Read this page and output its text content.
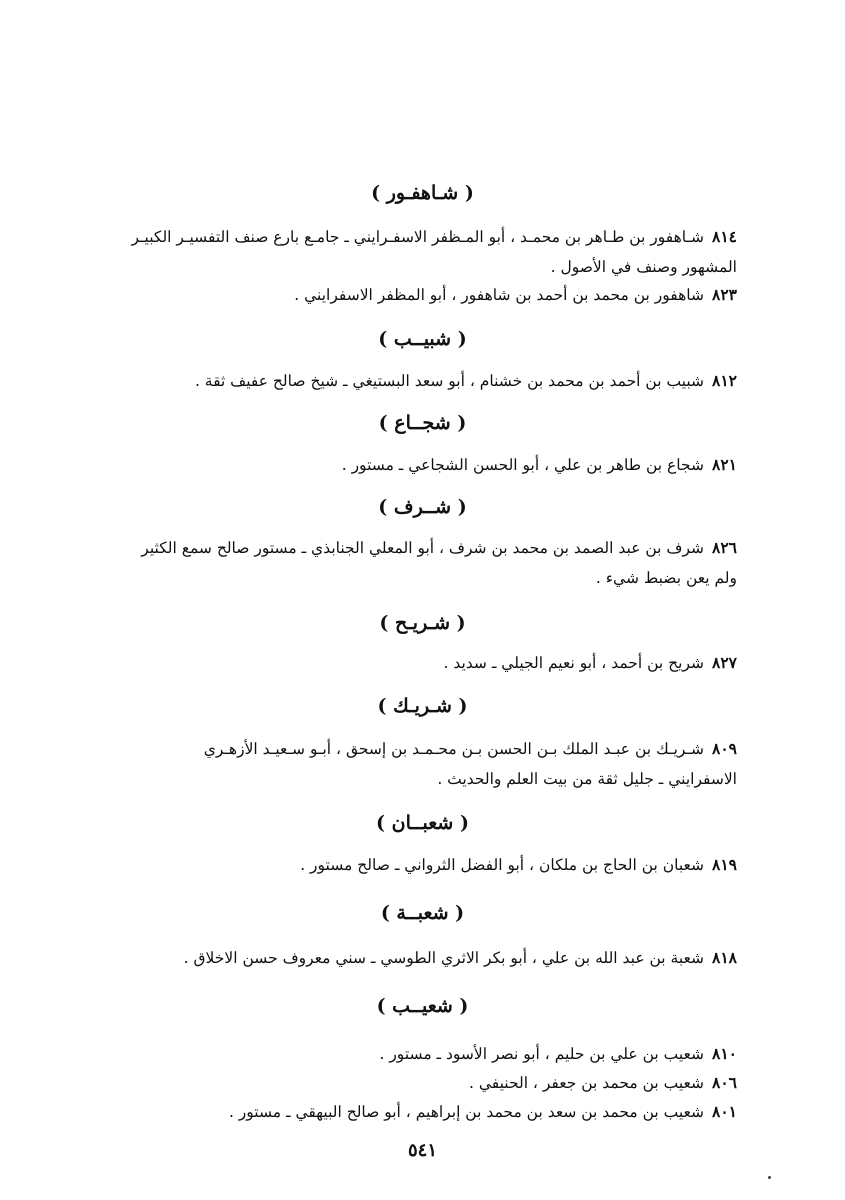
( شـاهفـور )
٨١٤شـاهفور بن طـاهر بن محمـد ، أبو المـظفر الاسفـرايني ـ جامـع بارع صنف التفسيـر الكبيـر
المشهور وصنف في الأصول .
٨٢٣شاهفور بن محمد بن أحمد بن شاهفور ، أبو المظفر الاسفرايني .
( شبيــب )
٨١٢شبيب بن أحمد بن محمد بن خشنام ، أبو سعد البستيغي ـ شيخ صالح عفيف ثقة .
( شجــاع )
٨٢١شجاع بن طاهر بن علي ، أبو الحسن الشجاعي ـ مستور .
( شــرف )
٨٢٦شرف بن عبد الصمد بن محمد بن شرف ، أبو المعلي الجنابذي ـ مستور صالح سمع الكثير
ولم يعن بضبط شيء .
( شـريـح )
٨٢٧شريح بن أحمد ، أبو نعيم الجيلي ـ سديد .
( شـريـك )
٨٠٩شـريـك بن عبـد الملك بـن الحسن بـن محـمـد بن إسحق ، أبـو سـعيـد الأزهـري
الاسفرايني ـ جليل ثقة من بيت العلم والحديث .
( شعبــان )
٨١٩شعبان بن الحاج بن ملكان ، أبو الفضل الثرواني ـ صالح مستور .
( شعبــة )
٨١٨شعبة بن عبد الله بن علي ، أبو بكر الاثري الطوسي ـ سني معروف حسن الاخلاق .
( شعيــب )
٨١٠شعيب بن علي بن حليم ، أبو نصر الأسود ـ مستور .
٨٠٦شعيب بن محمد بن جعفر ، الحنيفي .
٨٠١شعيب بن محمد بن سعد بن محمد بن إبراهيم ، أبو صالح البيهقي ـ مستور .
٥٤١
